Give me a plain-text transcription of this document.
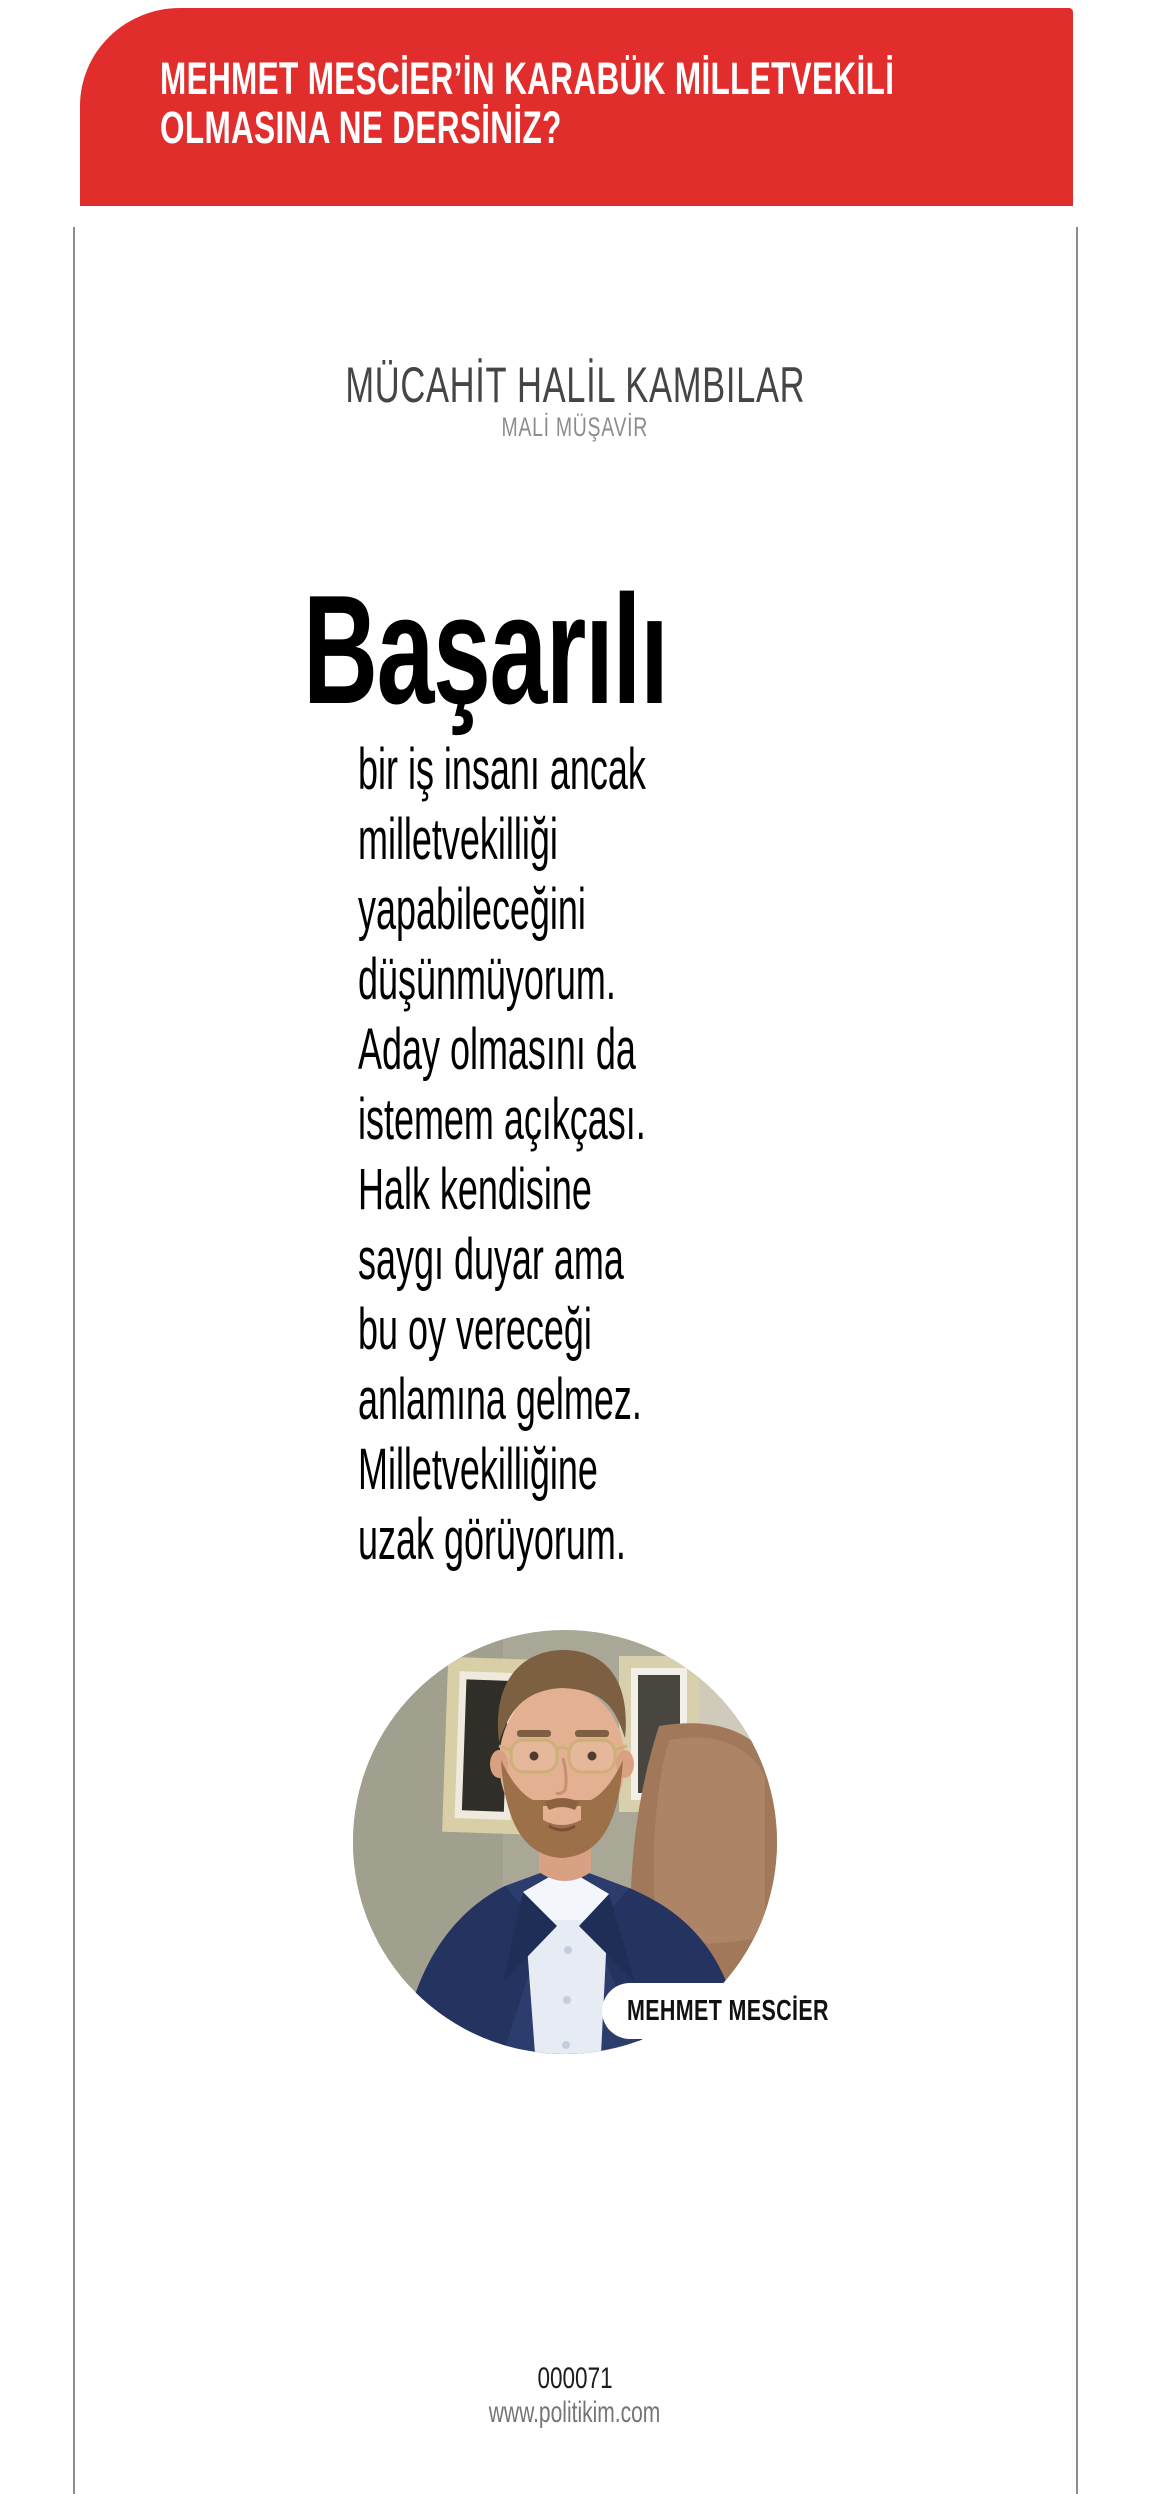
MEHMET MESCİER’İN KARABÜK MİLLETVEKİLİ
OLMASINA NE DERSİNİZ?
MÜCAHİT HALİL KAMBILAR
MALİ MÜŞAVİR
Başarılı
bir iş insanı ancak
milletvekilliği
yapabileceğini
düşünmüyorum.
Aday olmasını da
istemem açıkçası.
Halk kendisine
saygı duyar ama
bu oy vereceği
anlamına gelmez.
Milletvekilliğine
uzak görüyorum.
MEHMET MESCİER
000071
www.politikim.com
